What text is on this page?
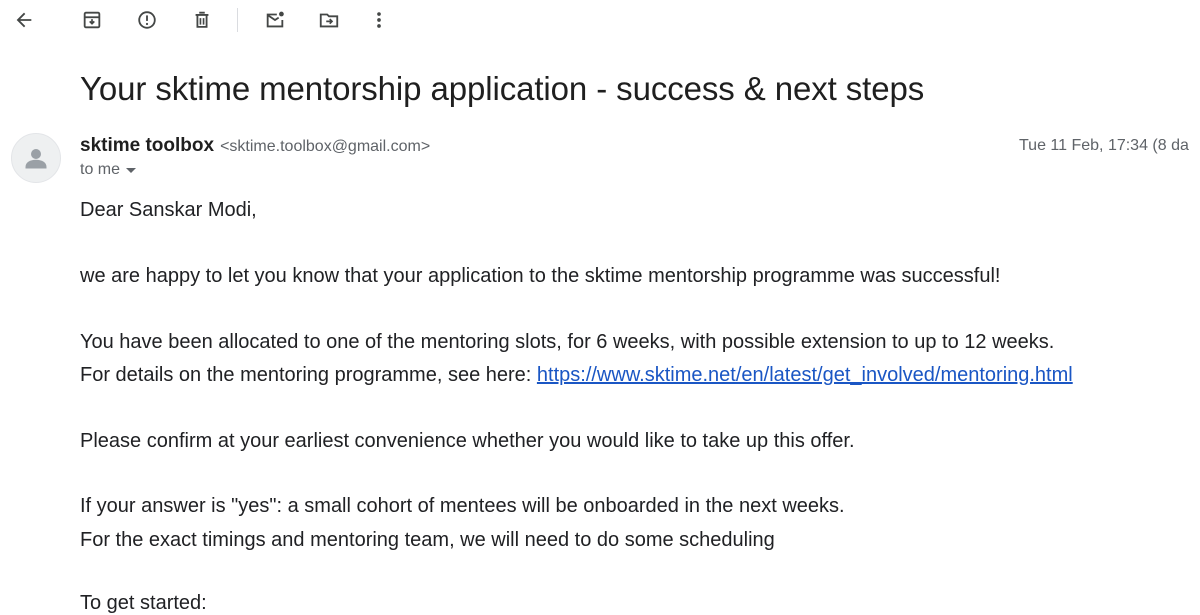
Your sktime mentorship application - success & next steps
sktime toolbox <sktime.toolbox@gmail.com>	Tue 11 Feb, 17:34 (8 da
to me
Dear Sanskar Modi,
we are happy to let you know that your application to the sktime mentorship programme was successful!
You have been allocated to one of the mentoring slots, for 6 weeks, with possible extension to up to 12 weeks.
For details on the mentoring programme, see here: https://www.sktime.net/en/latest/get_involved/mentoring.html
Please confirm at your earliest convenience whether you would like to take up this offer.
If your answer is "yes": a small cohort of mentees will be onboarded in the next weeks.
For the exact timings and mentoring team, we will need to do some scheduling
To get started:
